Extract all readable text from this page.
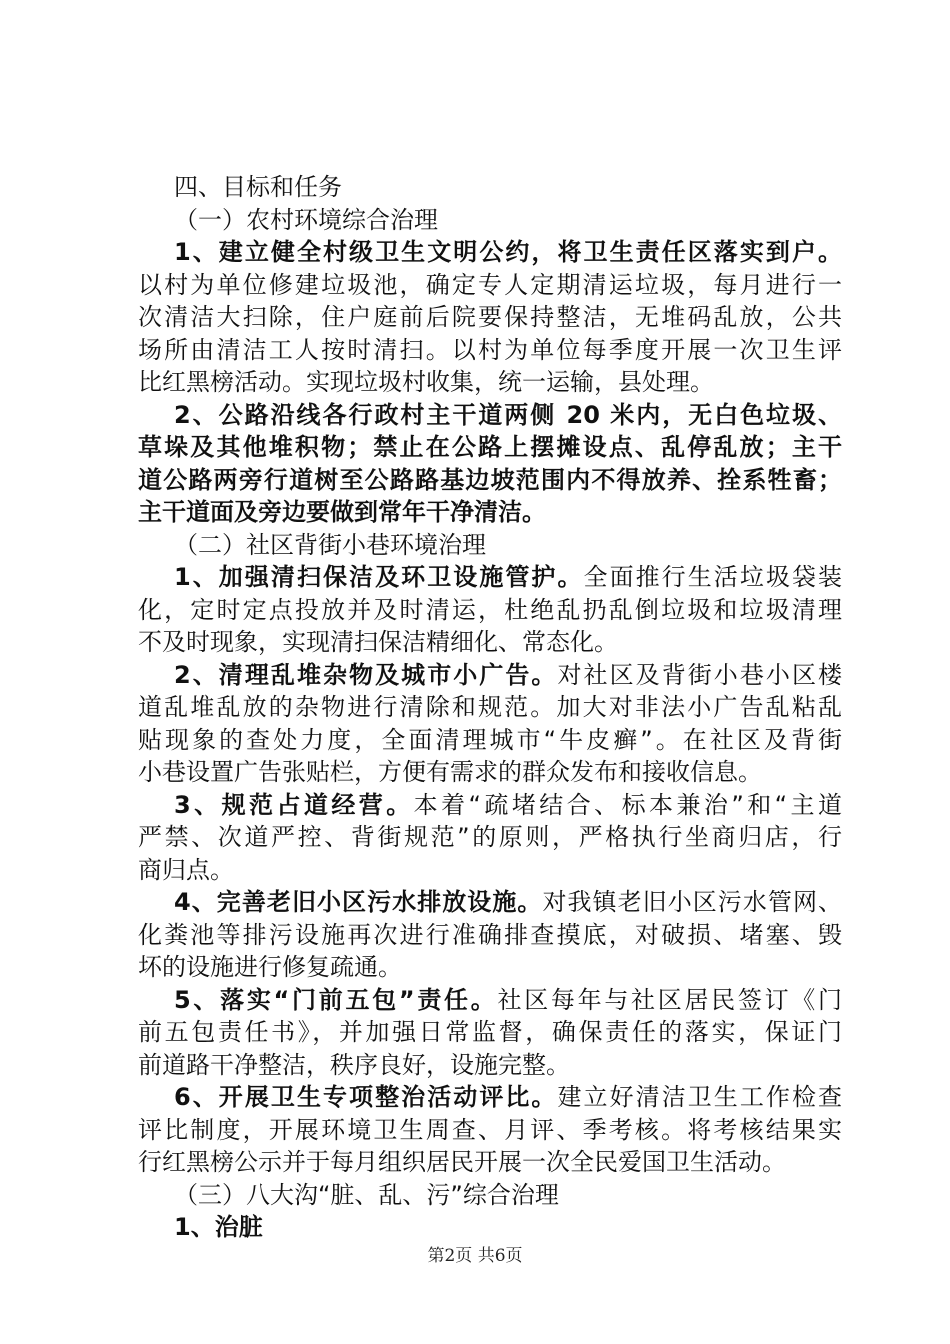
四、目标和任务
（一）农村环境综合治理
1、建立健全村级卫生文明公约，将卫生责任区落实到户。
以村为单位修建垃圾池，确定专人定期清运垃圾，每月进行一
次清洁大扫除，住户庭前后院要保持整洁，无堆码乱放，公共
场所由清洁工人按时清扫。以村为单位每季度开展一次卫生评
比红黑榜活动。实现垃圾村收集，统一运输，县处理。
2、公路沿线各行政村主干道两侧 20 米内，无白色垃圾、
草垛及其他堆积物；禁止在公路上摆摊设点、乱停乱放；主干
道公路两旁行道树至公路路基边坡范围内不得放养、拴系牲畜；
主干道面及旁边要做到常年干净清洁。
（二）社区背街小巷环境治理
1、加强清扫保洁及环卫设施管护。全面推行生活垃圾袋装
化，定时定点投放并及时清运，杜绝乱扔乱倒垃圾和垃圾清理
不及时现象，实现清扫保洁精细化、常态化。
2、清理乱堆杂物及城市小广告。对社区及背街小巷小区楼
道乱堆乱放的杂物进行清除和规范。加大对非法小广告乱粘乱
贴现象的查处力度，全面清理城市“牛皮癣”。在社区及背街
小巷设置广告张贴栏，方便有需求的群众发布和接收信息。
3、规范占道经营。本着“疏堵结合、标本兼治”和“主道
严禁、次道严控、背街规范”的原则，严格执行坐商归店，行
商归点。
4、完善老旧小区污水排放设施。对我镇老旧小区污水管网、
化粪池等排污设施再次进行准确排查摸底，对破损、堵塞、毁
坏的设施进行修复疏通。
5、落实“门前五包”责任。社区每年与社区居民签订《门
前五包责任书》，并加强日常监督，确保责任的落实，保证门
前道路干净整洁，秩序良好，设施完整。
6、开展卫生专项整治活动评比。建立好清洁卫生工作检查
评比制度，开展环境卫生周查、月评、季考核。将考核结果实
行红黑榜公示并于每月组织居民开展一次全民爱国卫生活动。
（三）八大沟“脏、乱、污”综合治理
1、治脏
第2页 共6页
